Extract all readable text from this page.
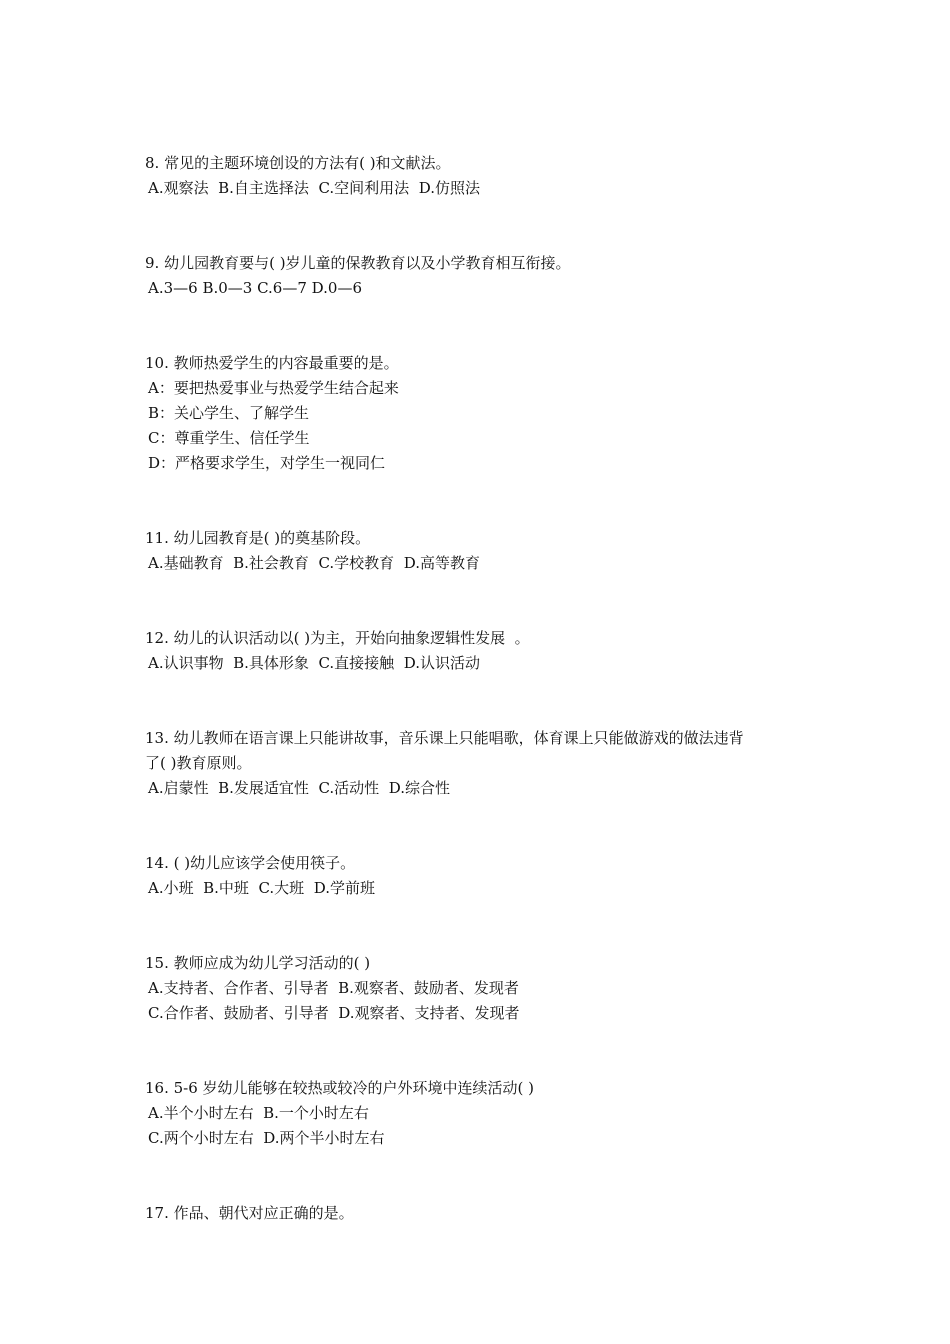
8. 常见的主题环境创设的方法有( )和文献法。
A.观察法  B.自主选择法  C.空间利用法  D.仿照法
9. 幼儿园教育要与( )岁儿童的保教教育以及小学教育相互衔接。
A.3—6 B.0—3 C.6—7 D.0—6
10. 教师热爱学生的内容最重要的是。
A：要把热爱事业与热爱学生结合起来
B：关心学生、了解学生
C：尊重学生、信任学生
D：严格要求学生，对学生一视同仁
11. 幼儿园教育是( )的奠基阶段。
A.基础教育  B.社会教育  C.学校教育  D.高等教育
12. 幼儿的认识活动以( )为主，开始向抽象逻辑性发展  。
A.认识事物  B.具体形象  C.直接接触  D.认识活动
13. 幼儿教师在语言课上只能讲故事，音乐课上只能唱歌，体育课上只能做游戏的做法违背
了( )教育原则。
A.启蒙性  B.发展适宜性  C.活动性  D.综合性
14. ( )幼儿应该学会使用筷子。
A.小班  B.中班  C.大班  D.学前班
15. 教师应成为幼儿学习活动的( )
A.支持者、合作者、引导者  B.观察者、鼓励者、发现者
C.合作者、鼓励者、引导者  D.观察者、支持者、发现者
16. 5-6 岁幼儿能够在较热或较冷的户外环境中连续活动( )
A.半个小时左右  B.一个小时左右
C.两个小时左右  D.两个半小时左右
17. 作品、朝代对应正确的是。
